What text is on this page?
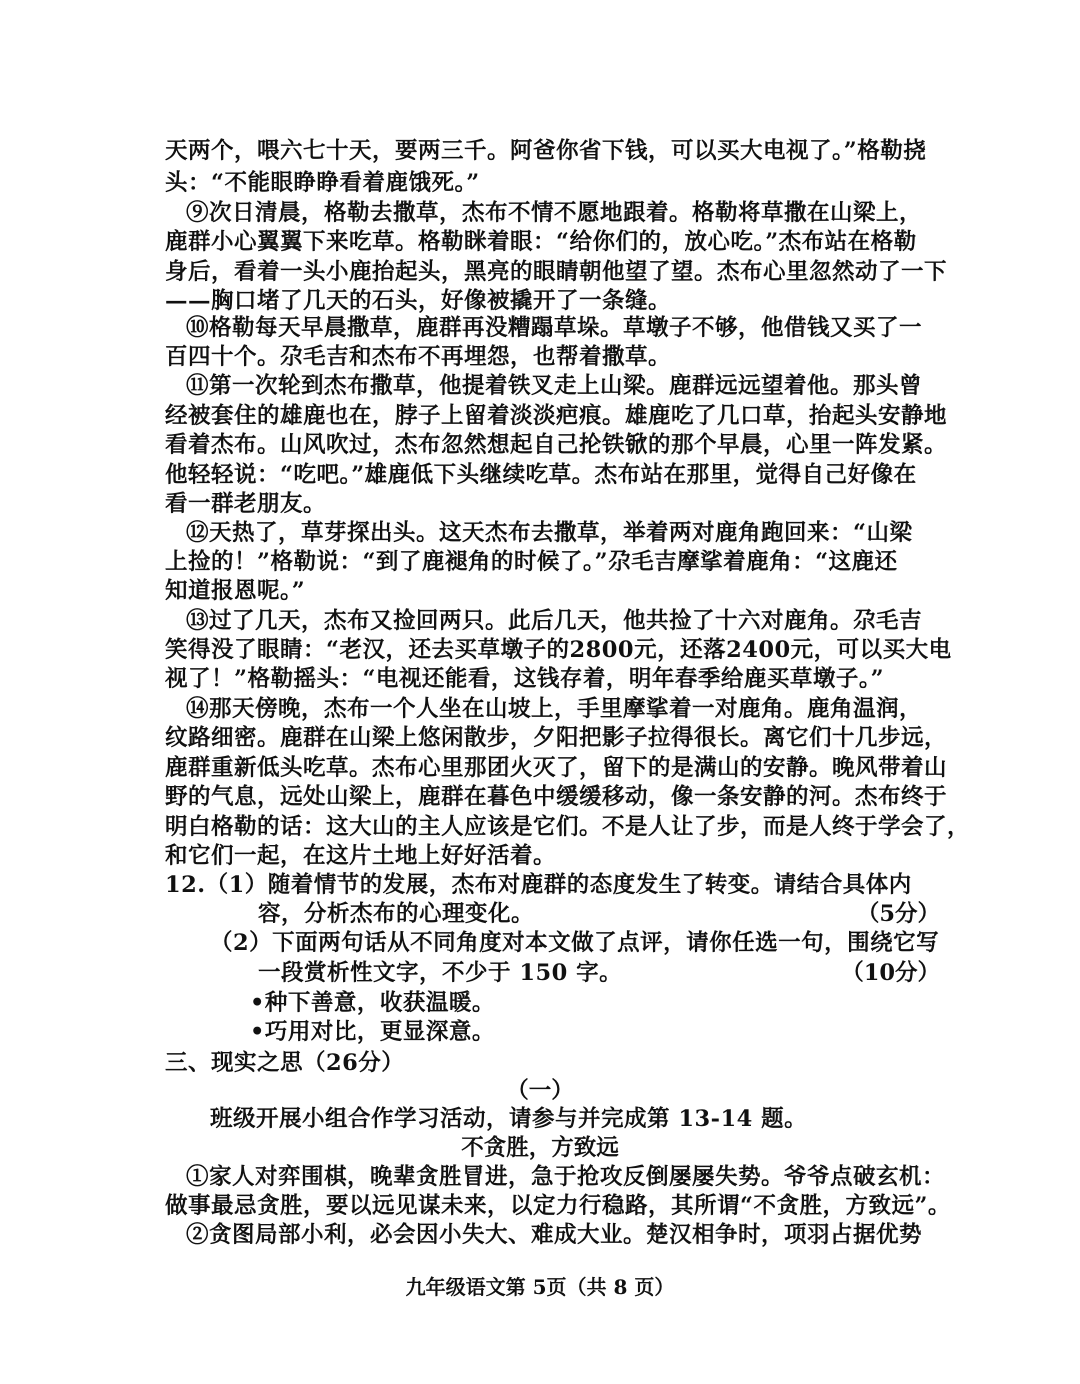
天两个，喂六七十天，要两三千。阿爸你省下钱，可以买大电视了。”格勒挠
头：“不能眼睁睁看着鹿饿死。”
⑨次日清晨，格勒去撒草，杰布不情不愿地跟着。格勒将草撒在山梁上，
鹿群小心翼翼下来吃草。格勒眯着眼：“给你们的，放心吃。”杰布站在格勒
身后，看着一头小鹿抬起头，黑亮的眼睛朝他望了望。杰布心里忽然动了一下
——胸口堵了几天的石头，好像被撬开了一条缝。
⑩格勒每天早晨撒草，鹿群再没糟蹋草垛。草墩子不够，他借钱又买了一
百四十个。尕毛吉和杰布不再埋怨，也帮着撒草。
⑪第一次轮到杰布撒草，他提着铁叉走上山梁。鹿群远远望着他。那头曾
经被套住的雄鹿也在，脖子上留着淡淡疤痕。雄鹿吃了几口草，抬起头安静地
看着杰布。山风吹过，杰布忽然想起自己抡铁锨的那个早晨，心里一阵发紧。
他轻轻说：“吃吧。”雄鹿低下头继续吃草。杰布站在那里，觉得自己好像在
看一群老朋友。
⑫天热了，草芽探出头。这天杰布去撒草，举着两对鹿角跑回来：“山梁
上捡的！”格勒说：“到了鹿褪角的时候了。”尕毛吉摩挲着鹿角：“这鹿还
知道报恩呢。”
⑬过了几天，杰布又捡回两只。此后几天，他共捡了十六对鹿角。尕毛吉
笑得没了眼睛：“老汉，还去买草墩子的2800元，还落2400元，可以买大电
视了！”格勒摇头：“电视还能看，这钱存着，明年春季给鹿买草墩子。”
⑭那天傍晚，杰布一个人坐在山坡上，手里摩挲着一对鹿角。鹿角温润，
纹路细密。鹿群在山梁上悠闲散步，夕阳把影子拉得很长。离它们十几步远，
鹿群重新低头吃草。杰布心里那团火灭了，留下的是满山的安静。晚风带着山
野的气息，远处山梁上，鹿群在暮色中缓缓移动，像一条安静的河。杰布终于
明白格勒的话：这大山的主人应该是它们。不是人让了步，而是人终于学会了，
和它们一起，在这片土地上好好活着。
12.（1）随着情节的发展，杰布对鹿群的态度发生了转变。请结合具体内
容，分析杰布的心理变化。	（5分）
（2）下面两句话从不同角度对本文做了点评，请你任选一句，围绕它写
一段赏析性文字，不少于 150 字。	（10分）
•种下善意，收获温暖。
•巧用对比，更显深意。
三、现实之思（26分）
（一）
班级开展小组合作学习活动，请参与并完成第 13-14 题。
不贪胜，方致远
①家人对弈围棋，晚辈贪胜冒进，急于抢攻反倒屡屡失势。爷爷点破玄机：
做事最忌贪胜，要以远见谋未来，以定力行稳路，其所谓“不贪胜，方致远”。
②贪图局部小利，必会因小失大、难成大业。楚汉相争时，项羽占据优势
九年级语文第 5页（共 8 页）
